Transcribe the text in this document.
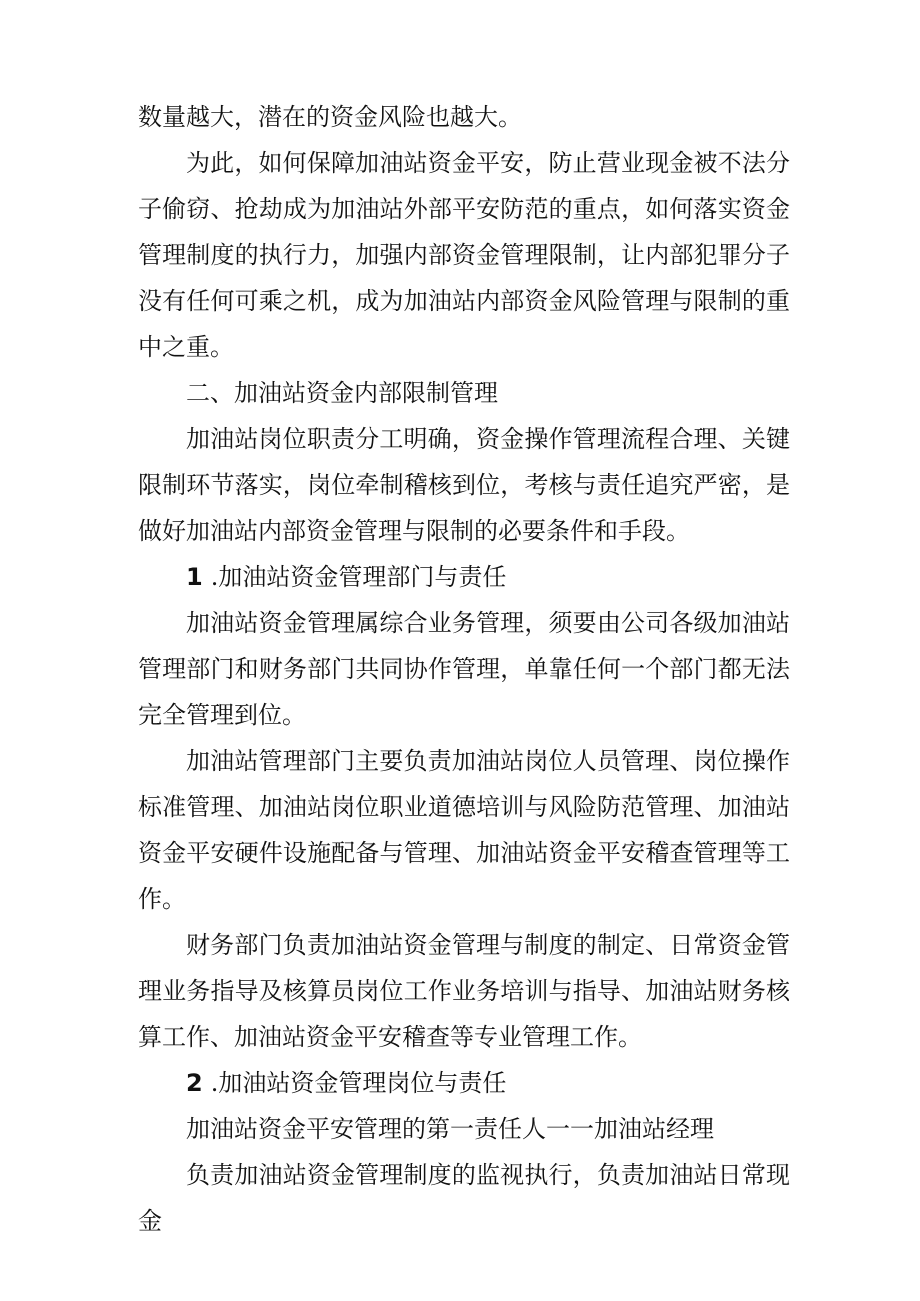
数量越大，潜在的资金风险也越大。

为此，如何保障加油站资金平安，防止营业现金被不法分子偷窃、抢劫成为加油站外部平安防范的重点，如何落实资金管理制度的执行力，加强内部资金管理限制，让内部犯罪分子没有任何可乘之机，成为加油站内部资金风险管理与限制的重中之重。

二、加油站资金内部限制管理

加油站岗位职责分工明确，资金操作管理流程合理、关键限制环节落实，岗位牵制稽核到位，考核与责任追究严密，是做好加油站内部资金管理与限制的必要条件和手段。

1 .加油站资金管理部门与责任

加油站资金管理属综合业务管理，须要由公司各级加油站管理部门和财务部门共同协作管理，单靠任何一个部门都无法完全管理到位。

加油站管理部门主要负责加油站岗位人员管理、岗位操作标准管理、加油站岗位职业道德培训与风险防范管理、加油站资金平安硬件设施配备与管理、加油站资金平安稽查管理等工作。

财务部门负责加油站资金管理与制度的制定、日常资金管理业务指导及核算员岗位工作业务培训与指导、加油站财务核算工作、加油站资金平安稽查等专业管理工作。

2 .加油站资金管理岗位与责任

加油站资金平安管理的第一责任人一一加油站经理

负责加油站资金管理制度的监视执行，负责加油站日常现金
